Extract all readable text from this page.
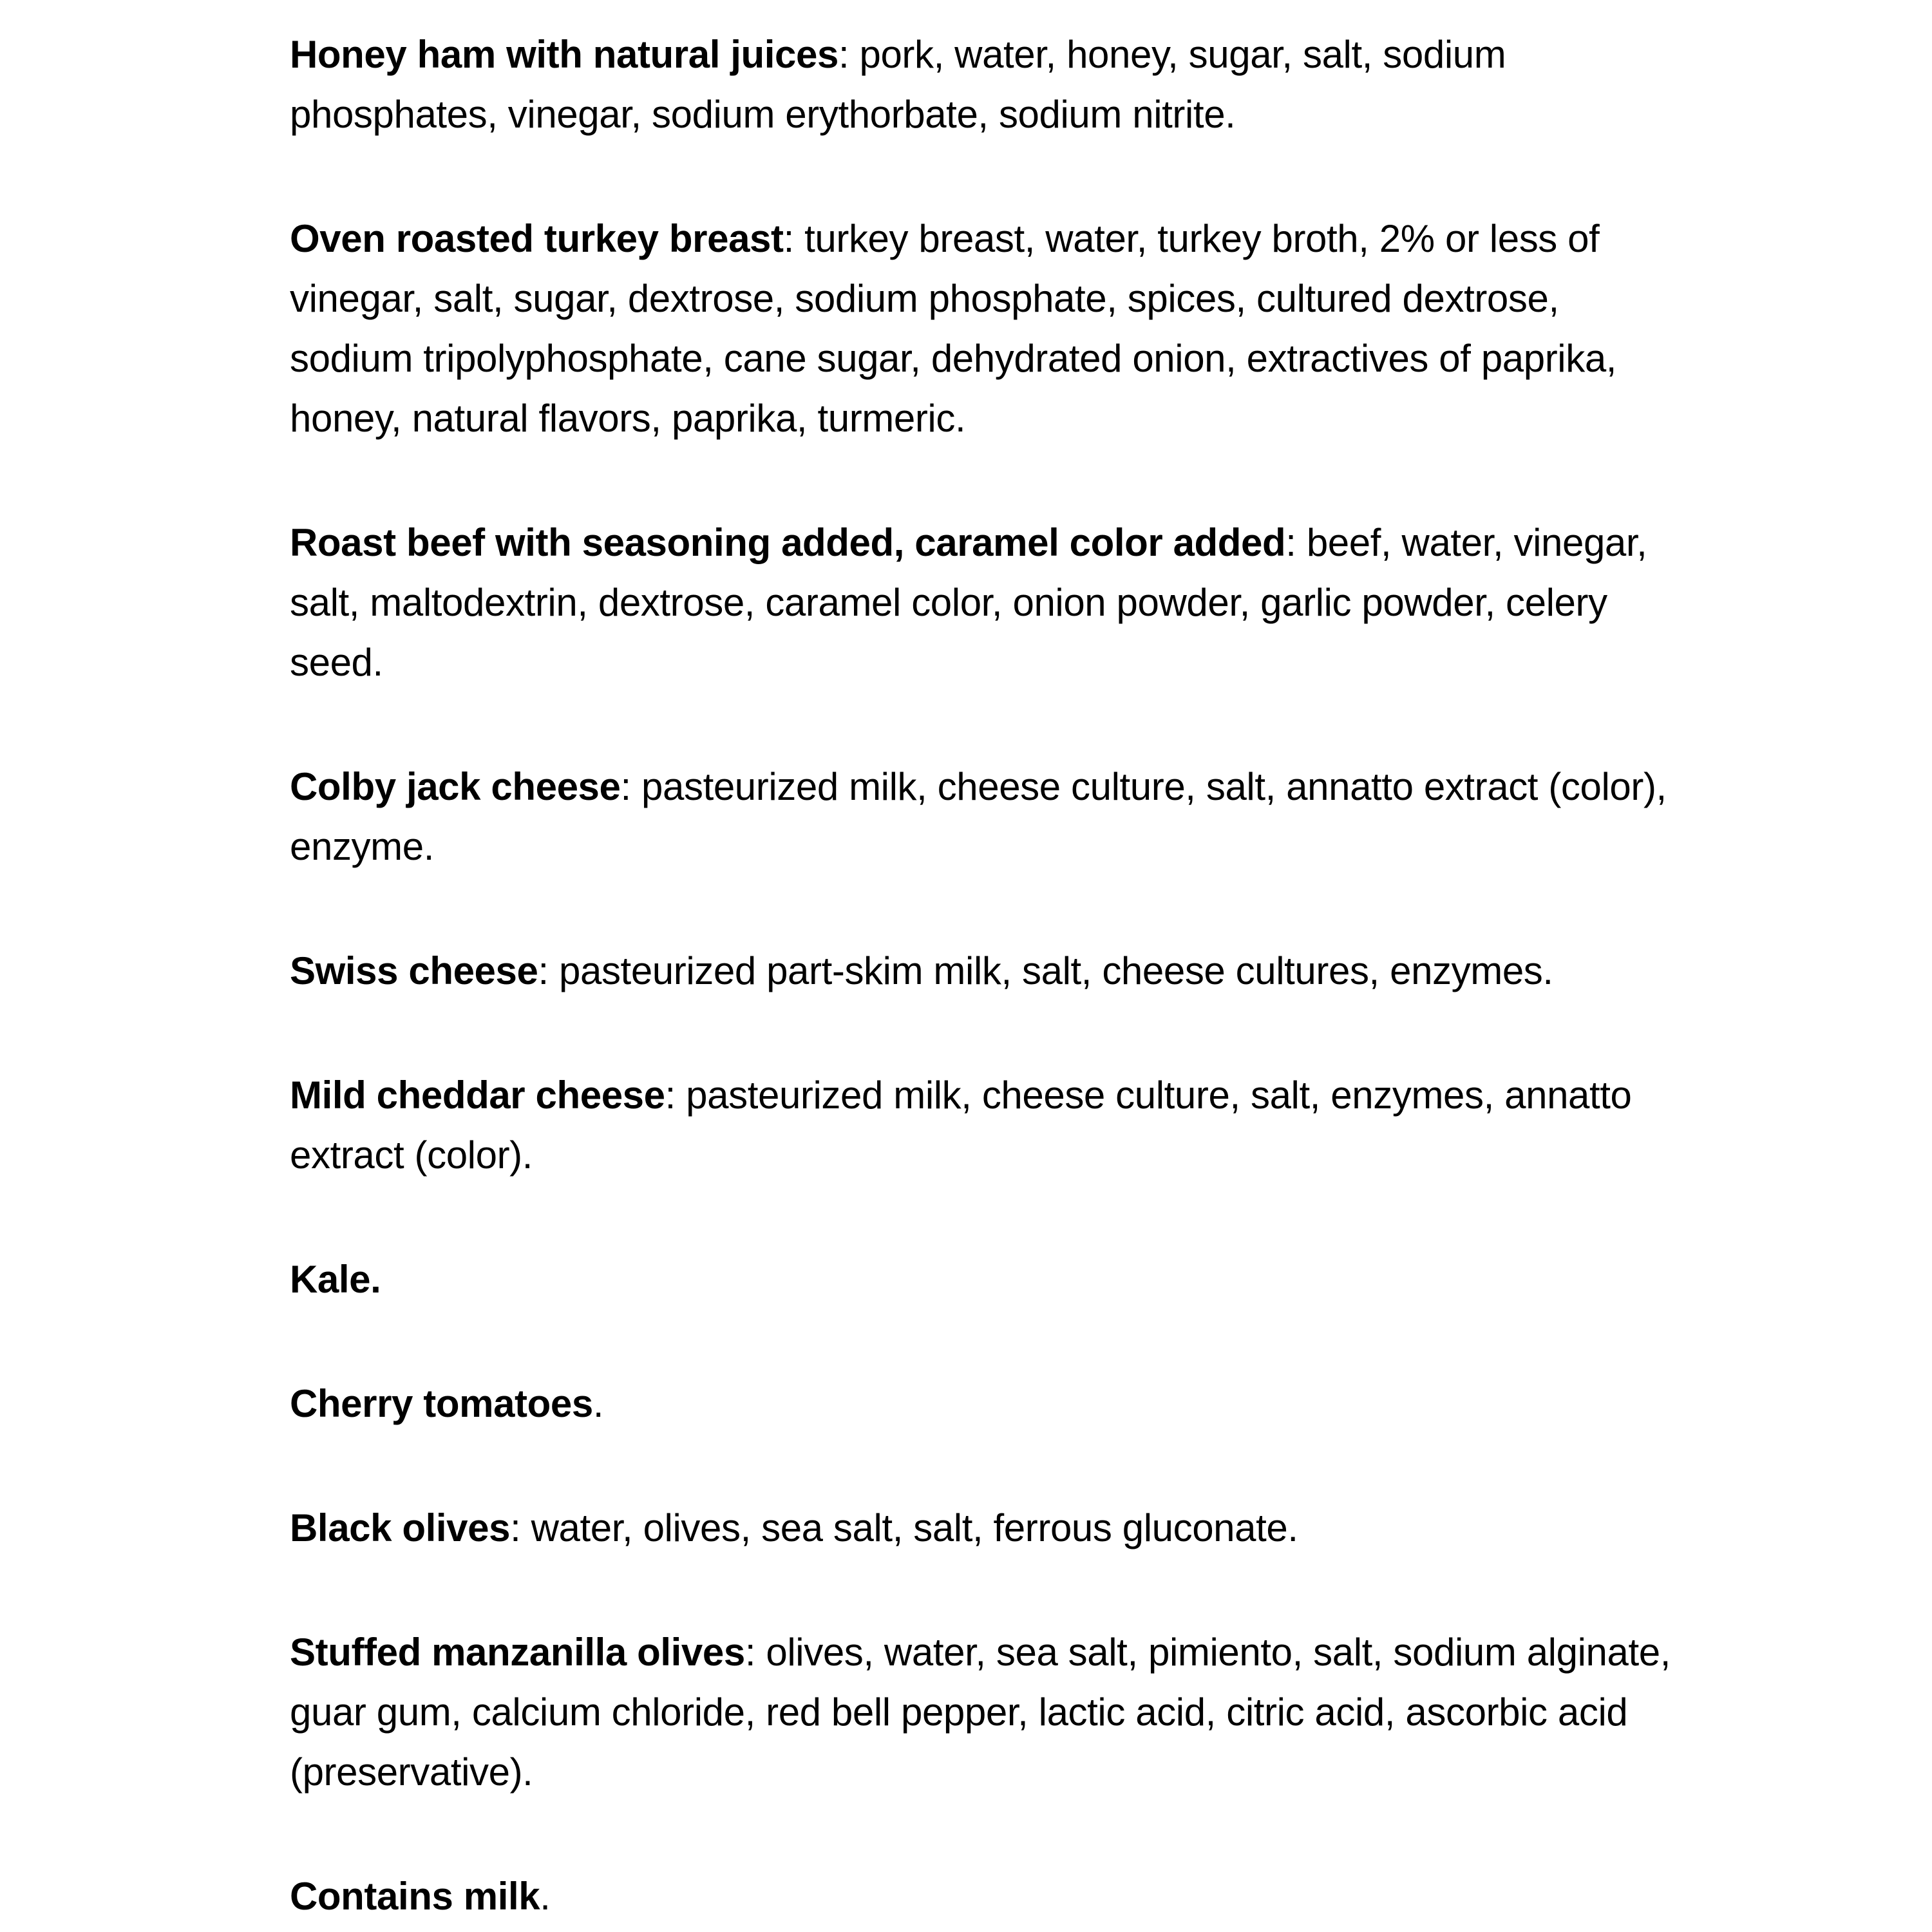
Honey ham with natural juices: pork, water, honey, sugar, salt, sodium phosphates, vinegar, sodium erythorbate, sodium nitrite.

Oven roasted turkey breast: turkey breast, water, turkey broth, 2% or less of vinegar, salt, sugar, dextrose, sodium phosphate, spices, cultured dextrose, sodium tripolyphosphate, cane sugar, dehydrated onion, extractives of paprika, honey, natural flavors, paprika, turmeric.

Roast beef with seasoning added, caramel color added: beef, water, vinegar, salt, maltodextrin, dextrose, caramel color, onion powder, garlic powder, celery seed.

Colby jack cheese: pasteurized milk, cheese culture, salt, annatto extract (color), enzyme.

Swiss cheese: pasteurized part-skim milk, salt, cheese cultures, enzymes.

Mild cheddar cheese: pasteurized milk, cheese culture, salt, enzymes, annatto extract (color).

Kale.

Cherry tomatoes.

Black olives: water, olives, sea salt, salt, ferrous gluconate.

Stuffed manzanilla olives: olives, water, sea salt, pimiento, salt, sodium alginate, guar gum, calcium chloride, red bell pepper, lactic acid, citric acid, ascorbic acid (preservative).

Contains milk.
